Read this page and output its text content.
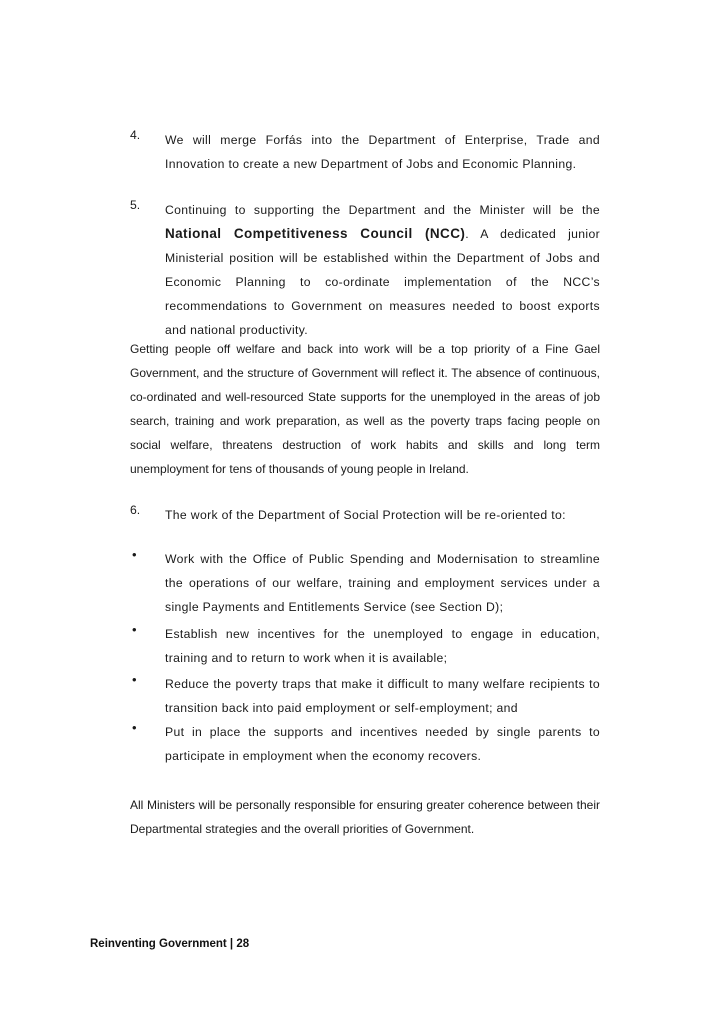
4.	We will merge Forfás into the Department of Enterprise, Trade and Innovation to create a new Department of Jobs and Economic Planning.
5.	Continuing to supporting the Department and the Minister will be the National Competitiveness Council (NCC). A dedicated junior Ministerial position will be established within the Department of Jobs and Economic Planning to co-ordinate implementation of the NCC’s recommendations to Government on measures needed to boost exports and national productivity.
Getting people off welfare and back into work will be a top priority of a Fine Gael Government, and the structure of Government will reflect it. The absence of continuous, co-ordinated and well-resourced State supports for the unemployed in the areas of job search, training and work preparation, as well as the poverty traps facing people on social welfare, threatens destruction of work habits and skills and long term unemployment for tens of thousands of young people in Ireland.
6.	The work of the Department of Social Protection will be re-oriented to:
•	Work with the Office of Public Spending and Modernisation to streamline the operations of our welfare, training and employment services under a single Payments and Entitlements Service (see Section D);
•	Establish new incentives for the unemployed to engage in education, training and to return to work when it is available;
•	Reduce the poverty traps that make it difficult to many welfare recipients to transition back into paid employment or self-employment; and
•	Put in place the supports and incentives needed by single parents to participate in employment when the economy recovers.
All Ministers will be personally responsible for ensuring greater coherence between their Departmental strategies and the overall priorities of Government.
Reinventing Government | 28
